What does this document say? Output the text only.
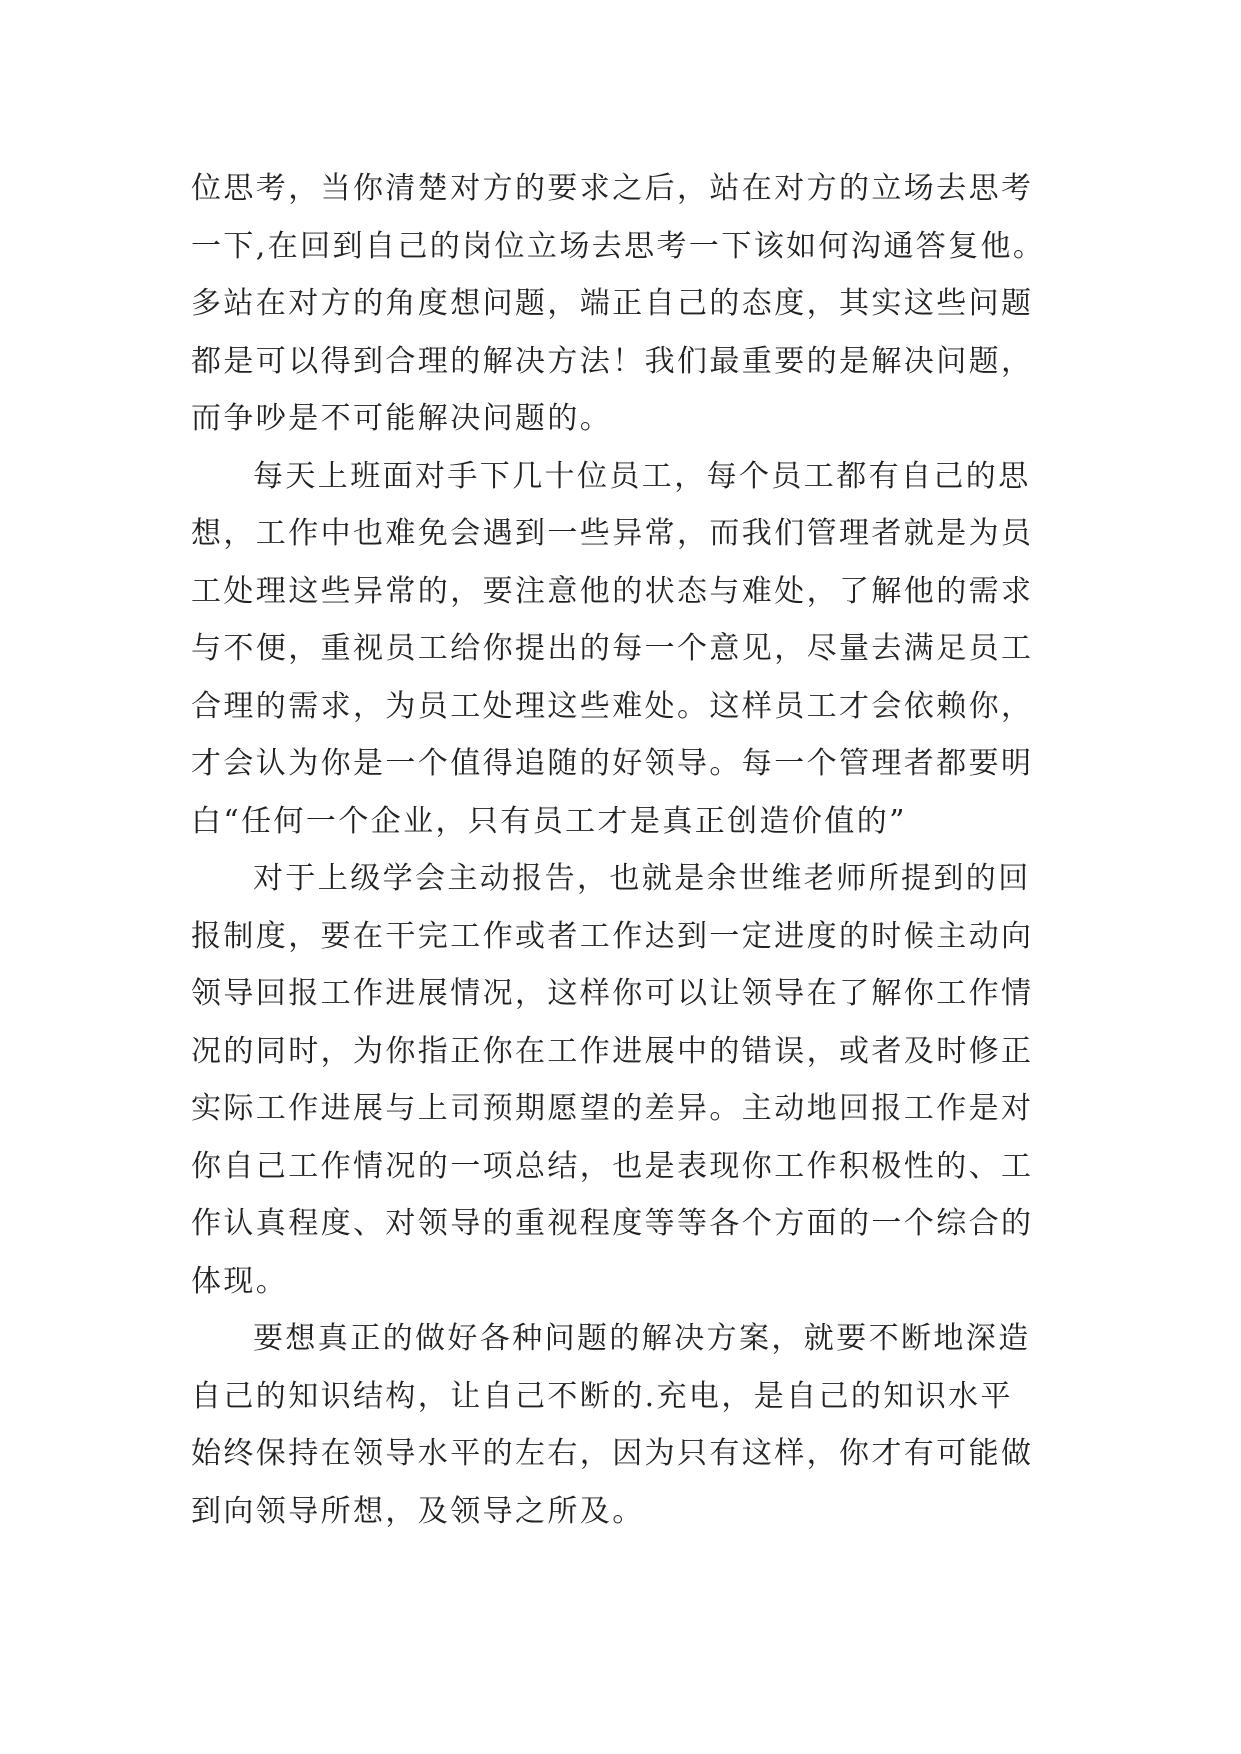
位思考，当你清楚对方的要求之后，站在对方的立场去思考
一下,在回到自己的岗位立场去思考一下该如何沟通答复他。
多站在对方的角度想问题，端正自己的态度，其实这些问题
都是可以得到合理的解决方法！我们最重要的是解决问题，
而争吵是不可能解决问题的。
每天上班面对手下几十位员工，每个员工都有自己的思
想，工作中也难免会遇到一些异常，而我们管理者就是为员
工处理这些异常的，要注意他的状态与难处，了解他的需求
与不便，重视员工给你提出的每一个意见，尽量去满足员工
合理的需求，为员工处理这些难处。这样员工才会依赖你，
才会认为你是一个值得追随的好领导。每一个管理者都要明
白“任何一个企业，只有员工才是真正创造价值的”
对于上级学会主动报告，也就是余世维老师所提到的回
报制度，要在干完工作或者工作达到一定进度的时候主动向
领导回报工作进展情况，这样你可以让领导在了解你工作情
况的同时，为你指正你在工作进展中的错误，或者及时修正
实际工作进展与上司预期愿望的差异。主动地回报工作是对
你自己工作情况的一项总结，也是表现你工作积极性的、工
作认真程度、对领导的重视程度等等各个方面的一个综合的
体现。
要想真正的做好各种问题的解决方案，就要不断地深造
自己的知识结构，让自己不断的.充电，是自己的知识水平
始终保持在领导水平的左右，因为只有这样，你才有可能做
到向领导所想，及领导之所及。
